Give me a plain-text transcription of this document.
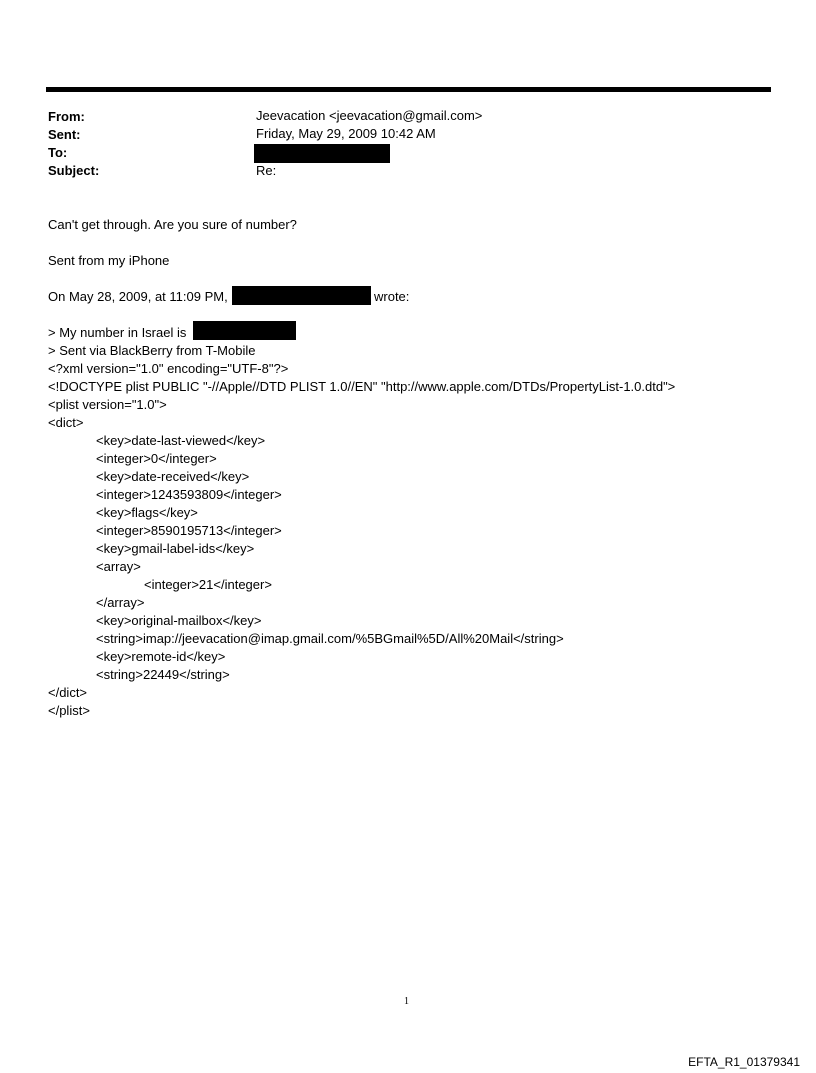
From:	Jeevacation <jeevacation@gmail.com>
Sent:	Friday, May 29, 2009 10:42 AM
To:
Subject:	Re:
Can't get through. Are you sure of number?
Sent from my iPhone
On May 28, 2009, at 11:09 PM,	wrote:
> My number in Israel is
> Sent via BlackBerry from T-Mobile
<?xml version="1.0" encoding="UTF-8"?>
<!DOCTYPE plist PUBLIC "-//Apple//DTD PLIST 1.0//EN" "http://www.apple.com/DTDs/PropertyList-1.0.dtd">
<plist version="1.0">
<dict>
<key>date-last-viewed</key>
<integer>0</integer>
<key>date-received</key>
<integer>1243593809</integer>
<key>flags</key>
<integer>8590195713</integer>
<key>gmail-label-ids</key>
<array>
<integer>21</integer>
</array>
<key>original-mailbox</key>
<string>imap://jeevacation@imap.gmail.com/%5BGmail%5D/All%20Mail</string>
<key>remote-id</key>
<string>22449</string>
</dict>
</plist>
1
EFTA_R1_01379341
